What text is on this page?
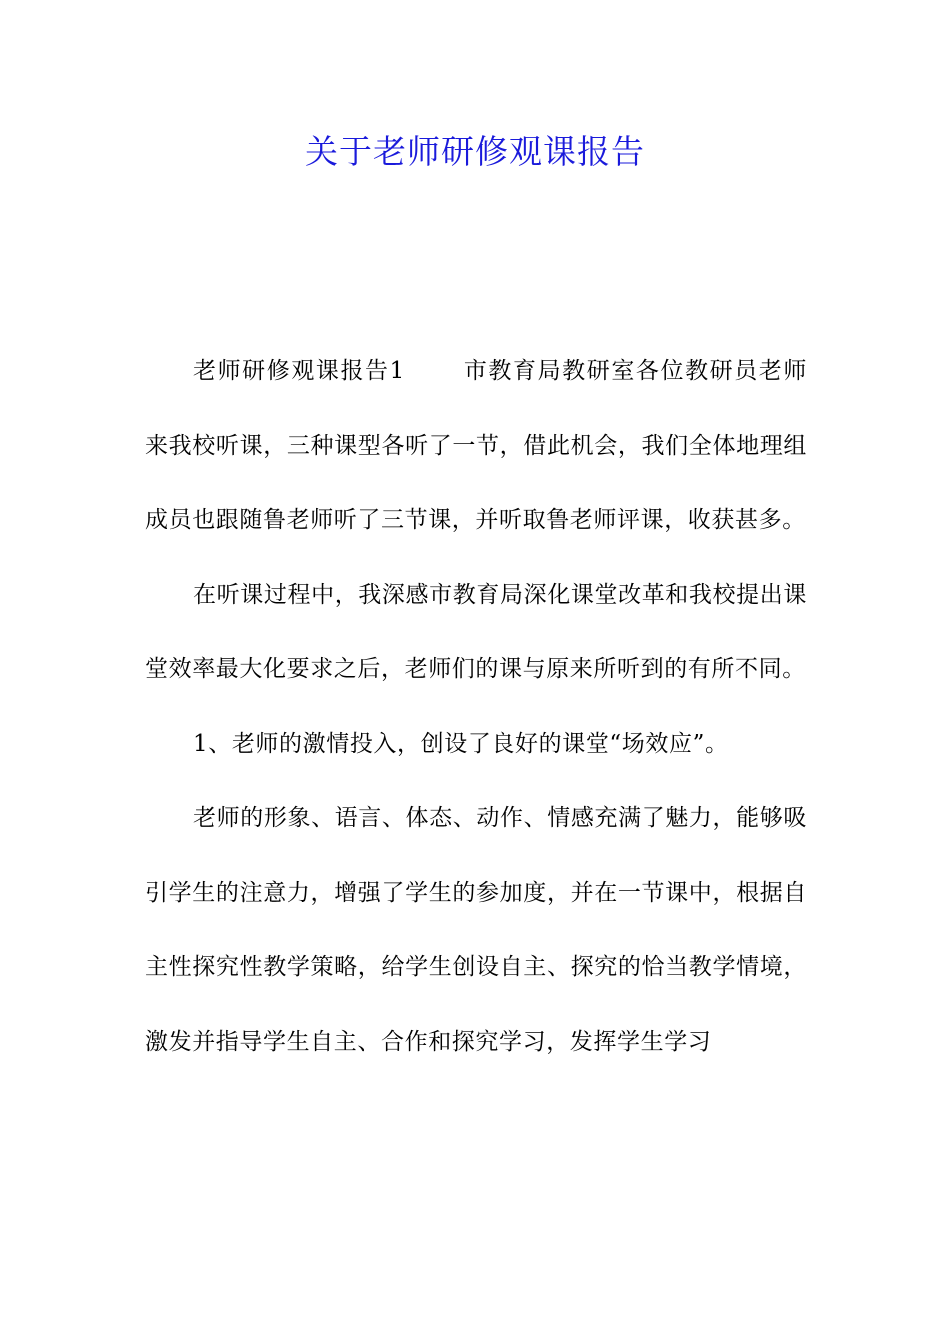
关于老师研修观课报告

老师研修观课报告1	市教育局教研室各位教研员老师来我校听课，三种课型各听了一节，借此机会，我们全体地理组成员也跟随鲁老师听了三节课，并听取鲁老师评课，收获甚多。

在听课过程中，我深感市教育局深化课堂改革和我校提出课堂效率最大化要求之后，老师们的课与原来所听到的有所不同。

1、老师的激情投入，创设了良好的课堂“场效应”。

老师的形象、语言、体态、动作、情感充满了魅力，能够吸引学生的注意力，增强了学生的参加度，并在一节课中，根据自主性探究性教学策略，给学生创设自主、探究的恰当教学情境，激发并指导学生自主、合作和探究学习，发挥学生学习
